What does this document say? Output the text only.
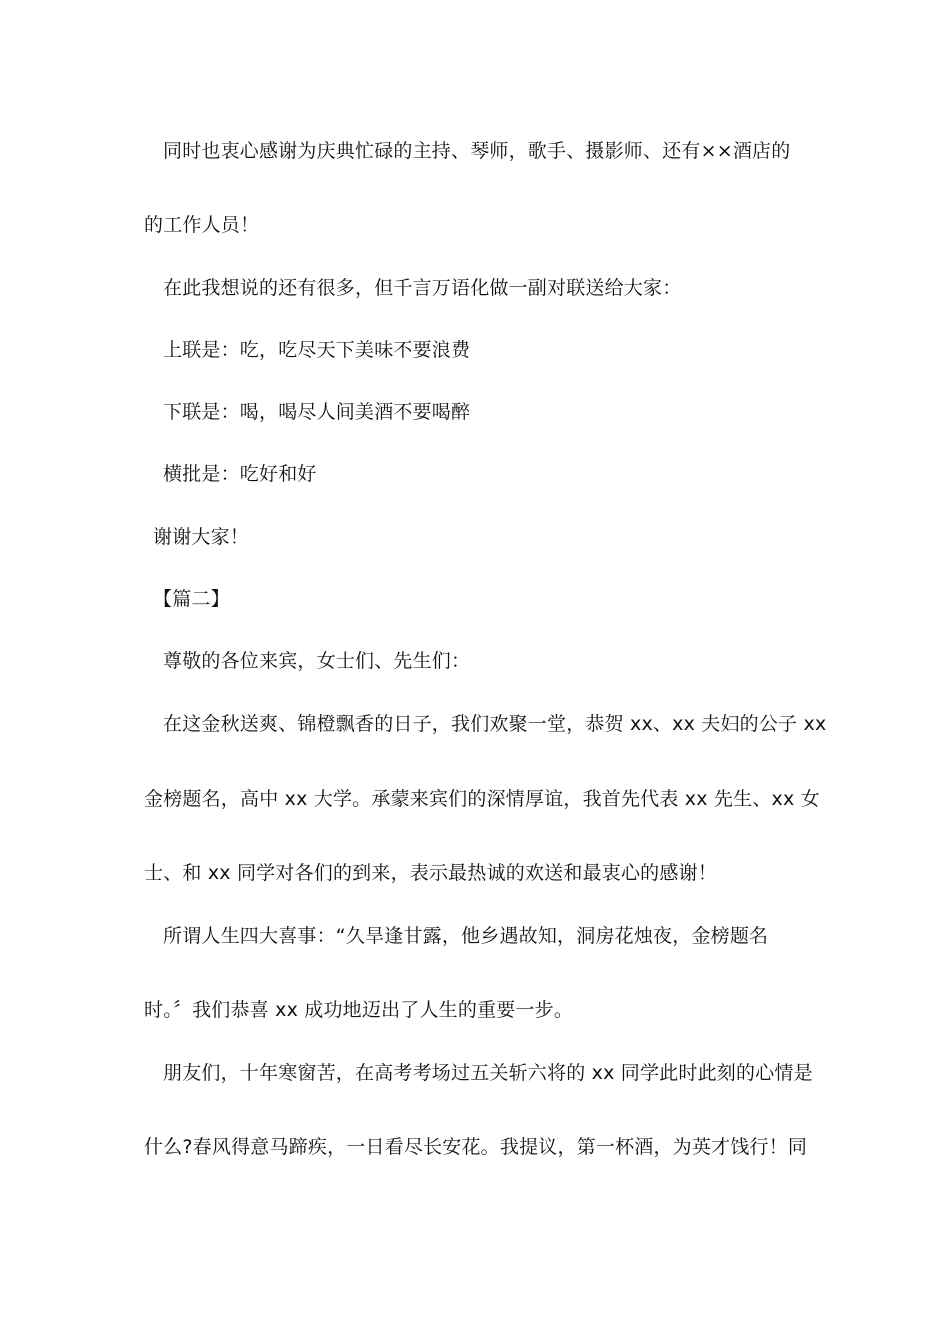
同时也衷心感谢为庆典忙碌的主持、琴师，歌手、摄影师、还有××酒店的
的工作人员！
在此我想说的还有很多，但千言万语化做一副对联送给大家：
上联是：吃，吃尽天下美味不要浪费
下联是：喝，喝尽人间美酒不要喝醉
横批是：吃好和好
谢谢大家！
【篇二】
尊敬的各位来宾，女士们、先生们：
在这金秋送爽、锦橙飘香的日子，我们欢聚一堂，恭贺 xx、xx 夫妇的公子 xx
金榜题名，高中 xx 大学。承蒙来宾们的深情厚谊，我首先代表 xx 先生、xx 女
士、和 xx 同学对各们的到来，表示最热诚的欢送和最衷心的感谢！
所谓人生四大喜事：“久旱逢甘露，他乡遇故知，洞房花烛夜，金榜题名
时。〞我们恭喜 xx 成功地迈出了人生的重要一步。
朋友们，十年寒窗苦，在高考考场过五关斩六将的 xx 同学此时此刻的心情是
什么?春风得意马蹄疾，一日看尽长安花。我提议，第一杯酒，为英才饯行！同
